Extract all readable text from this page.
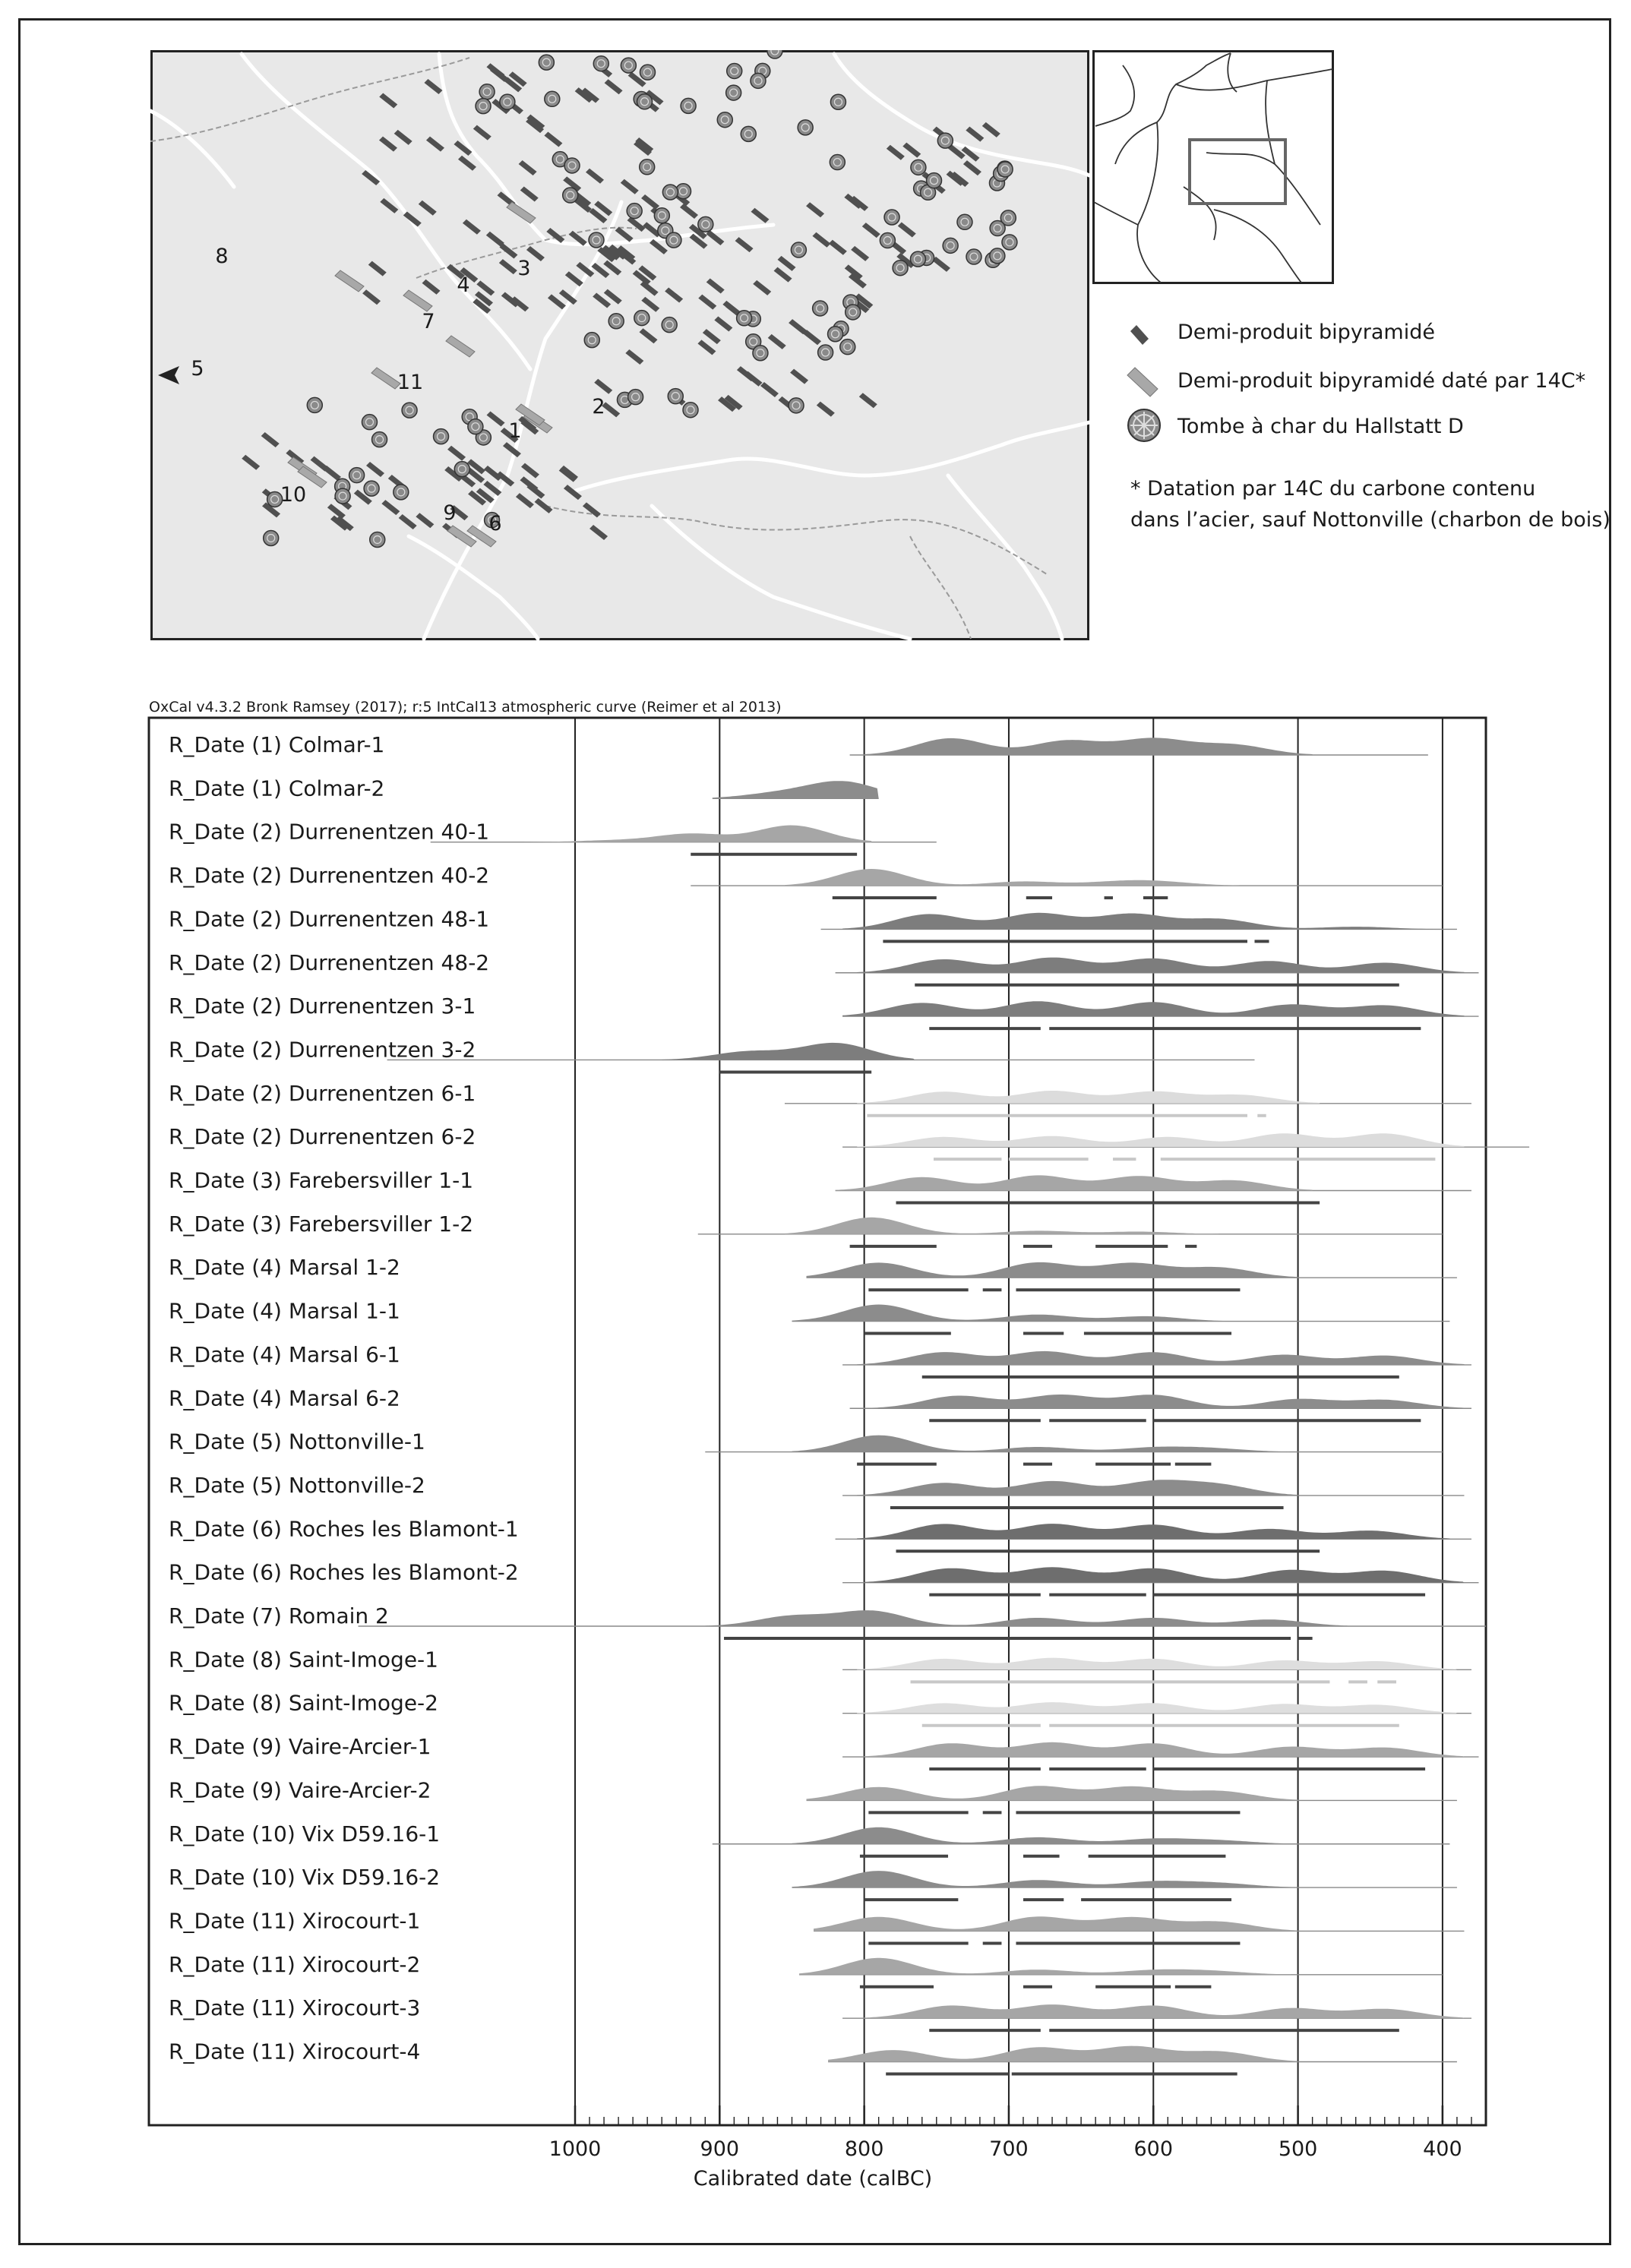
1
2
3
4
5
6
7
8
9
10
11
Demi-produit bipyramidé
Demi-produit bipyramidé daté par 14C*
Tombe à char du Hallstatt D
* Datation par 14C du carbone contenu
dans l’acier, sauf Nottonville (charbon de bois)
OxCal v4.3.2 Bronk Ramsey (2017); r:5 IntCal13 atmospheric curve (Reimer et al 2013)
R_Date (1) Colmar-1
R_Date (1) Colmar-2
R_Date (2) Durrenentzen 40-1
R_Date (2) Durrenentzen 40-2
R_Date (2) Durrenentzen 48-1
R_Date (2) Durrenentzen 48-2
R_Date (2) Durrenentzen 3-1
R_Date (2) Durrenentzen 3-2
R_Date (2) Durrenentzen 6-1
R_Date (2) Durrenentzen 6-2
R_Date (3) Farebersviller 1-1
R_Date (3) Farebersviller 1-2
R_Date (4) Marsal 1-2
R_Date (4) Marsal 1-1
R_Date (4) Marsal 6-1
R_Date (4) Marsal 6-2
R_Date (5) Nottonville-1
R_Date (5) Nottonville-2
R_Date (6) Roches les Blamont-1
R_Date (6) Roches les Blamont-2
R_Date (7) Romain 2
R_Date (8) Saint-Imoge-1
R_Date (8) Saint-Imoge-2
R_Date (9) Vaire-Arcier-1
R_Date (9) Vaire-Arcier-2
R_Date (10) Vix D59.16-1
R_Date (10) Vix D59.16-2
R_Date (11) Xirocourt-1
R_Date (11) Xirocourt-2
R_Date (11) Xirocourt-3
R_Date (11) Xirocourt-4
1000	900	800	700	600	500	400
Calibrated date (calBC)
